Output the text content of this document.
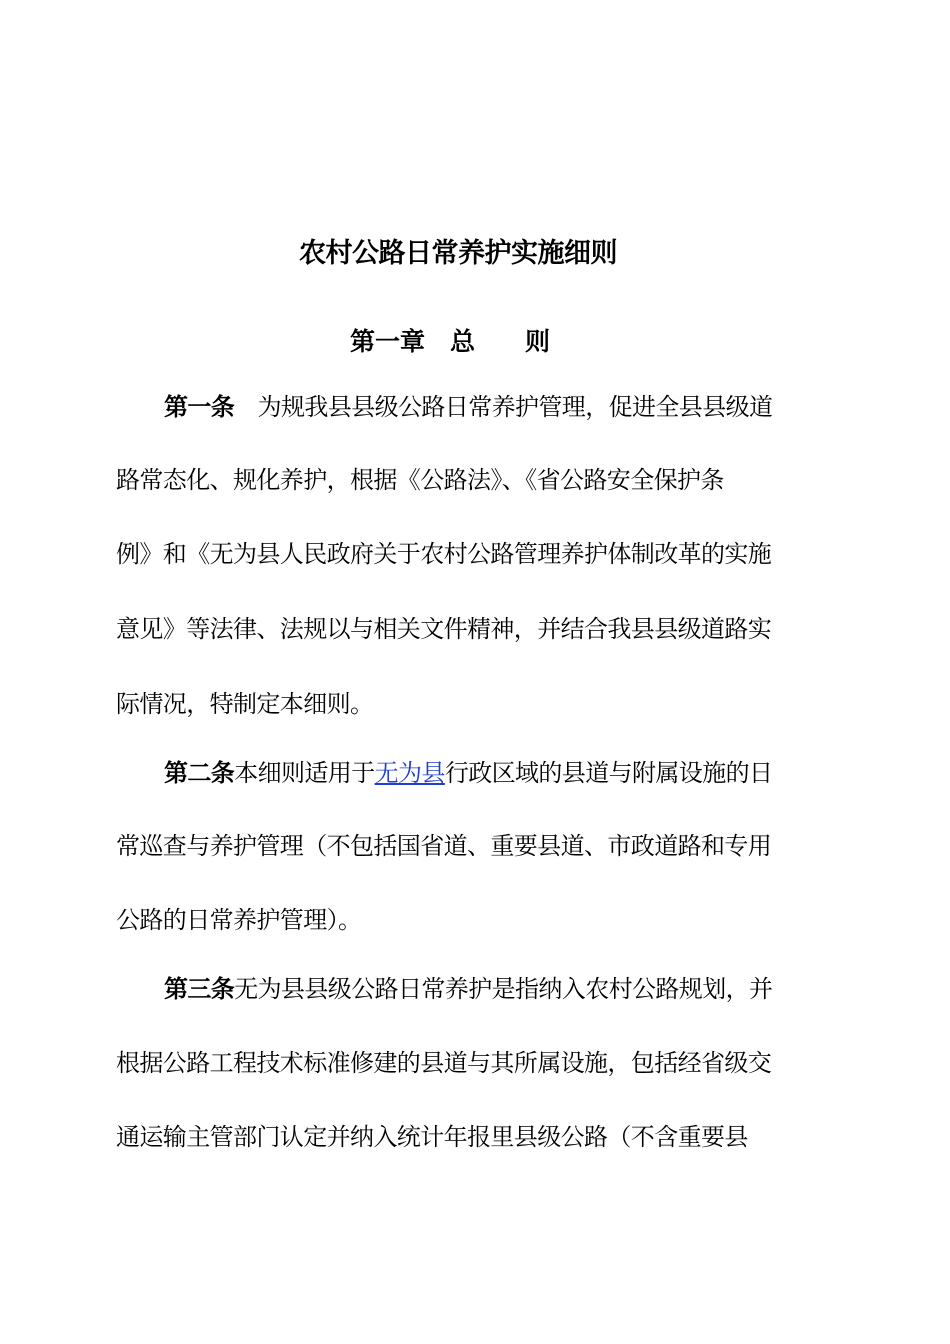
农村公路日常养护实施细则
第一章　总　　则
第一条　 为规我县县级公路日常养护管理，促进全县县级道
路常态化、规化养护，根据《公路法》、《省公路安全保护条
例》和《无为县人民政府关于农村公路管理养护体制改革的实施
意见》等法律、法规以与相关文件精神，并结合我县县级道路实
际情况，特制定本细则。
第二条本细则适用于无为县行政区域的县道与附属设施的日
常巡查与养护管理（不包括国省道、重要县道、市政道路和专用
公路的日常养护管理）。
第三条无为县县级公路日常养护是指纳入农村公路规划，并
根据公路工程技术标准修建的县道与其所属设施，包括经省级交
通运输主管部门认定并纳入统计年报里县级公路（不含重要县
